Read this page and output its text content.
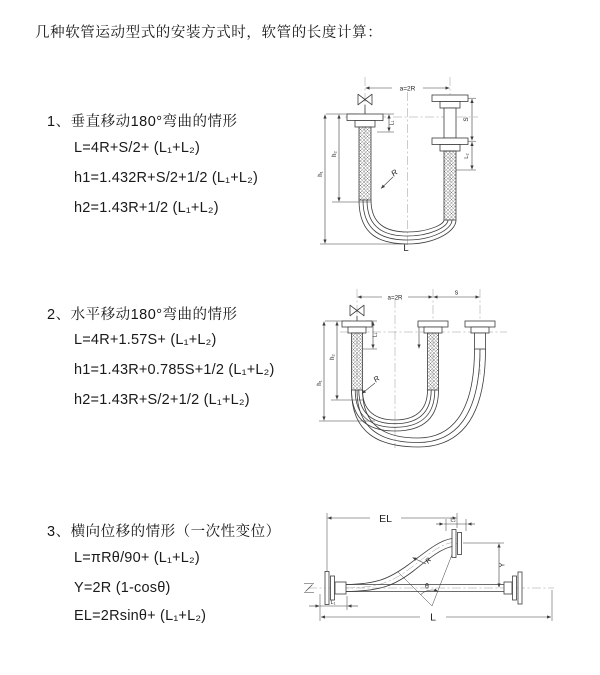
几种软管运动型式的安装方式时，软管的长度计算：
1、垂直移动180°弯曲的情形
L=4R+S/2+ (L₁+L₂)
h1=1.432R+S/2+1/2 (L₁+L₂)
h2=1.43R+1/2 (L₁+L₂)
2、水平移动180°弯曲的情形
L=4R+1.57S+ (L₁+L₂)
h1=1.43R+0.785S+1/2 (L₁+L₂)
h2=1.43R+S/2+1/2 (L₁+L₂)
3、横向位移的情形（一次性变位）
L=πRθ/90+ (L₁+L₂)
Y=2R (1-cosθ)
EL=2Rsinθ+ (L₁+L₂)
a=2R
S
L₂
h₂
h₁
L₁
R
L
a=2R
s
L₁
h₂
h₁	R
EL	L₂
Y
R
θ
L
L₁
